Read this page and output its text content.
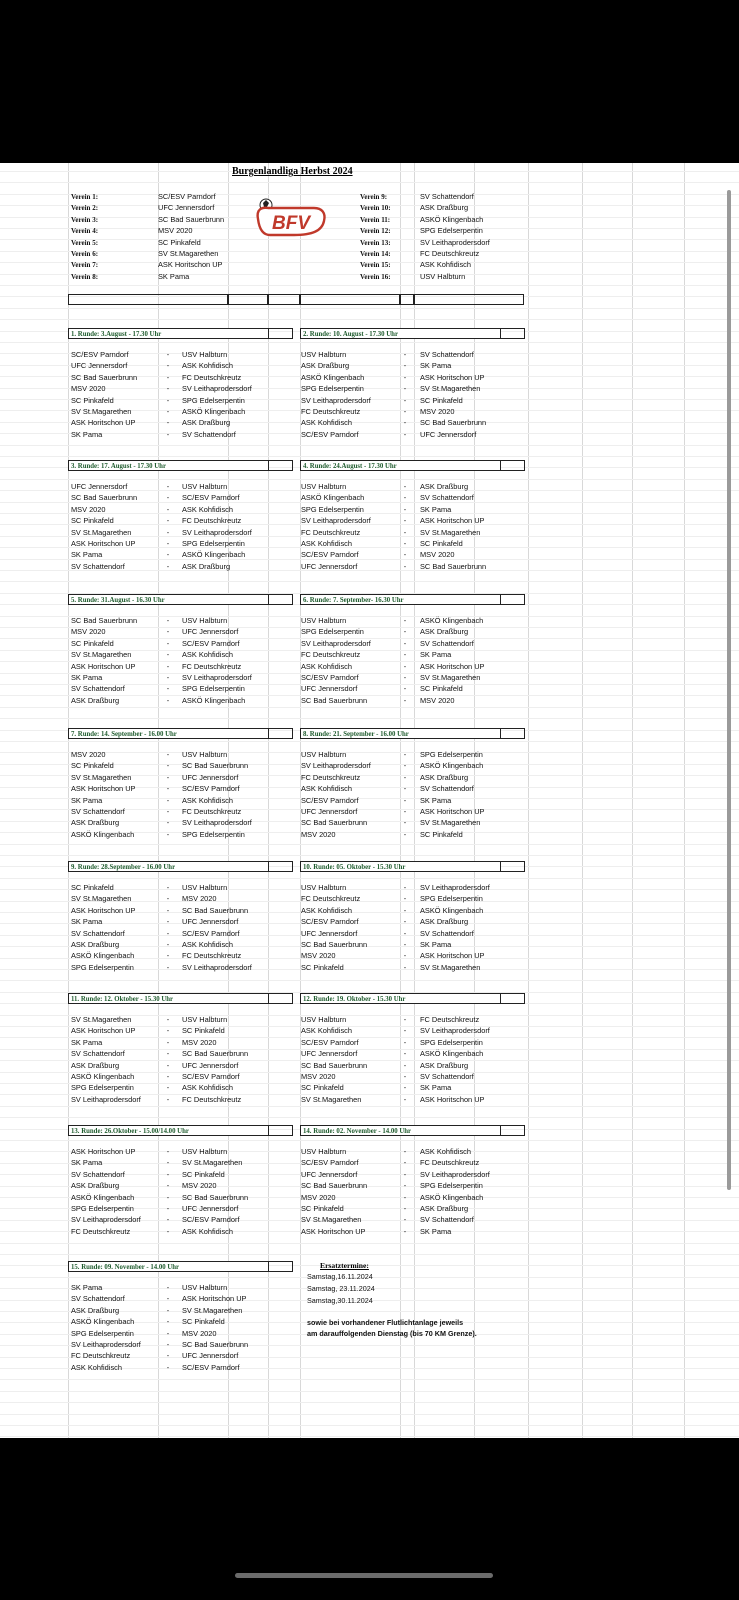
Burgenlandliga Herbst 2024
BFV
Verein 1:	SC/ESV Parndorf
Verein 2:	UFC Jennersdorf
Verein 3:	SC Bad Sauerbrunn
Verein 4:	MSV 2020
Verein 5:	SC Pinkafeld
Verein 6:	SV St.Magarethen
Verein 7:	ASK Horitschon UP
Verein 8:	SK Pama
Verein 9:	SV Schattendorf
Verein 10:	ASK Draßburg
Verein 11:	ASKÖ Klingenbach
Verein 12:	SPG Edelserpentin
Verein 13:	SV Leithaprodersdorf
Verein 14:	FC Deutschkreutz
Verein 15:	ASK Kohfidisch
Verein 16:	USV Halbturn
1. Runde: 3.August - 17.30 Uhr
SC/ESV Parndorf	- USV Halbturn
UFC Jennersdorf	- ASK Kohfidisch
SC Bad Sauerbrunn	- FC Deutschkreutz
MSV 2020	- SV Leithaprodersdorf
SC Pinkafeld	- SPG Edelserpentin
SV St.Magarethen	- ASKÖ Klingenbach
ASK Horitschon UP	- ASK Draßburg
SK Pama	- SV Schattendorf
2. Runde: 10. August - 17.30 Uhr
USV Halbturn	- SV Schattendorf
ASK Draßburg	- SK Pama
ASKÖ Klingenbach	- ASK Horitschon UP
SPG Edelserpentin	- SV St.Magarethen
SV Leithaprodersdorf	- SC Pinkafeld
FC Deutschkreutz	- MSV 2020
ASK Kohfidisch	- SC Bad Sauerbrunn
SC/ESV Parndorf	- UFC Jennersdorf
3. Runde: 17. August - 17.30 Uhr
UFC Jennersdorf	- USV Halbturn
SC Bad Sauerbrunn	- SC/ESV Parndorf
MSV 2020	- ASK Kohfidisch
SC Pinkafeld	- FC Deutschkreutz
SV St.Magarethen	- SV Leithaprodersdorf
ASK Horitschon UP	- SPG Edelserpentin
SK Pama	- ASKÖ Klingenbach
SV Schattendorf	- ASK Draßburg
4. Runde: 24.August - 17.30 Uhr
USV Halbturn	- ASK Draßburg
ASKÖ Klingenbach	- SV Schattendorf
SPG Edelserpentin	- SK Pama
SV Leithaprodersdorf	- ASK Horitschon UP
FC Deutschkreutz	- SV St.Magarethen
ASK Kohfidisch	- SC Pinkafeld
SC/ESV Parndorf	- MSV 2020
UFC Jennersdorf	- SC Bad Sauerbrunn
5. Runde: 31.August - 16.30 Uhr
SC Bad Sauerbrunn	- USV Halbturn
MSV 2020	- UFC Jennersdorf
SC Pinkafeld	- SC/ESV Parndorf
SV St.Magarethen	- ASK Kohfidisch
ASK Horitschon UP	- FC Deutschkreutz
SK Pama	- SV Leithaprodersdorf
SV Schattendorf	- SPG Edelserpentin
ASK Draßburg	- ASKÖ Klingenbach
6. Runde: 7. September- 16.30 Uhr
USV Halbturn	- ASKÖ Klingenbach
SPG Edelserpentin	- ASK Draßburg
SV Leithaprodersdorf	- SV Schattendorf
FC Deutschkreutz	- SK Pama
ASK Kohfidisch	- ASK Horitschon UP
SC/ESV Parndorf	- SV St.Magarethen
UFC Jennersdorf	- SC Pinkafeld
SC Bad Sauerbrunn	- MSV 2020
7. Runde: 14. September - 16.00 Uhr
MSV 2020	- USV Halbturn
SC Pinkafeld	- SC Bad Sauerbrunn
SV St.Magarethen	- UFC Jennersdorf
ASK Horitschon UP	- SC/ESV Parndorf
SK Pama	- ASK Kohfidisch
SV Schattendorf	- FC Deutschkreutz
ASK Draßburg	- SV Leithaprodersdorf
ASKÖ Klingenbach	- SPG Edelserpentin
8. Runde: 21. September - 16.00 Uhr
USV Halbturn	- SPG Edelserpentin
SV Leithaprodersdorf	- ASKÖ Klingenbach
FC Deutschkreutz	- ASK Draßburg
ASK Kohfidisch	- SV Schattendorf
SC/ESV Parndorf	- SK Pama
UFC Jennersdorf	- ASK Horitschon UP
SC Bad Sauerbrunn	- SV St.Magarethen
MSV 2020	- SC Pinkafeld
9. Runde: 28.September - 16.00 Uhr
SC Pinkafeld	- USV Halbturn
SV St.Magarethen	- MSV 2020
ASK Horitschon UP	- SC Bad Sauerbrunn
SK Pama	- UFC Jennersdorf
SV Schattendorf	- SC/ESV Parndorf
ASK Draßburg	- ASK Kohfidisch
ASKÖ Klingenbach	- FC Deutschkreutz
SPG Edelserpentin	- SV Leithaprodersdorf
10. Runde: 05. Oktober - 15.30 Uhr
USV Halbturn	- SV Leithaprodersdorf
FC Deutschkreutz	- SPG Edelserpentin
ASK Kohfidisch	- ASKÖ Klingenbach
SC/ESV Parndorf	- ASK Draßburg
UFC Jennersdorf	- SV Schattendorf
SC Bad Sauerbrunn	- SK Pama
MSV 2020	- ASK Horitschon UP
SC Pinkafeld	- SV St.Magarethen
11. Runde: 12. Oktober - 15.30 Uhr
SV St.Magarethen	- USV Halbturn
ASK Horitschon UP	- SC Pinkafeld
SK Pama	- MSV 2020
SV Schattendorf	- SC Bad Sauerbrunn
ASK Draßburg	- UFC Jennersdorf
ASKÖ Klingenbach	- SC/ESV Parndorf
SPG Edelserpentin	- ASK Kohfidisch
SV Leithaprodersdorf	- FC Deutschkreutz
12. Runde: 19. Oktober - 15.30 Uhr
USV Halbturn	- FC Deutschkreutz
ASK Kohfidisch	- SV Leithaprodersdorf
SC/ESV Parndorf	- SPG Edelserpentin
UFC Jennersdorf	- ASKÖ Klingenbach
SC Bad Sauerbrunn	- ASK Draßburg
MSV 2020	- SV Schattendorf
SC Pinkafeld	- SK Pama
SV St.Magarethen	- ASK Horitschon UP
13. Runde: 26.Oktober - 15.00/14.00 Uhr
ASK Horitschon UP	- USV Halbturn
SK Pama	- SV St.Magarethen
SV Schattendorf	- SC Pinkafeld
ASK Draßburg	- MSV 2020
ASKÖ Klingenbach	- SC Bad Sauerbrunn
SPG Edelserpentin	- UFC Jennersdorf
SV Leithaprodersdorf	- SC/ESV Parndorf
FC Deutschkreutz	- ASK Kohfidisch
14. Runde: 02. November - 14.00 Uhr
USV Halbturn	- ASK Kohfidisch
SC/ESV Parndorf	- FC Deutschkreutz
UFC Jennersdorf	- SV Leithaprodersdorf
SC Bad Sauerbrunn	- SPG Edelserpentin
MSV 2020	- ASKÖ Klingenbach
SC Pinkafeld	- ASK Draßburg
SV St.Magarethen	- SV Schattendorf
ASK Horitschon UP	- SK Pama
15. Runde: 09. November - 14.00 Uhr
SK Pama	- USV Halbturn
SV Schattendorf	- ASK Horitschon UP
ASK Draßburg	- SV St.Magarethen
ASKÖ Klingenbach	- SC Pinkafeld
SPG Edelserpentin	- MSV 2020
SV Leithaprodersdorf	- SC Bad Sauerbrunn
FC Deutschkreutz	- UFC Jennersdorf
ASK Kohfidisch	- SC/ESV Parndorf
Ersatztermine:
Samstag,16.11.2024
Samstag, 23.11.2024
Samstag,30.11.2024
sowie bei vorhandener Flutlichtanlage jeweils
am darauffolgenden Dienstag (bis 70 KM Grenze).
